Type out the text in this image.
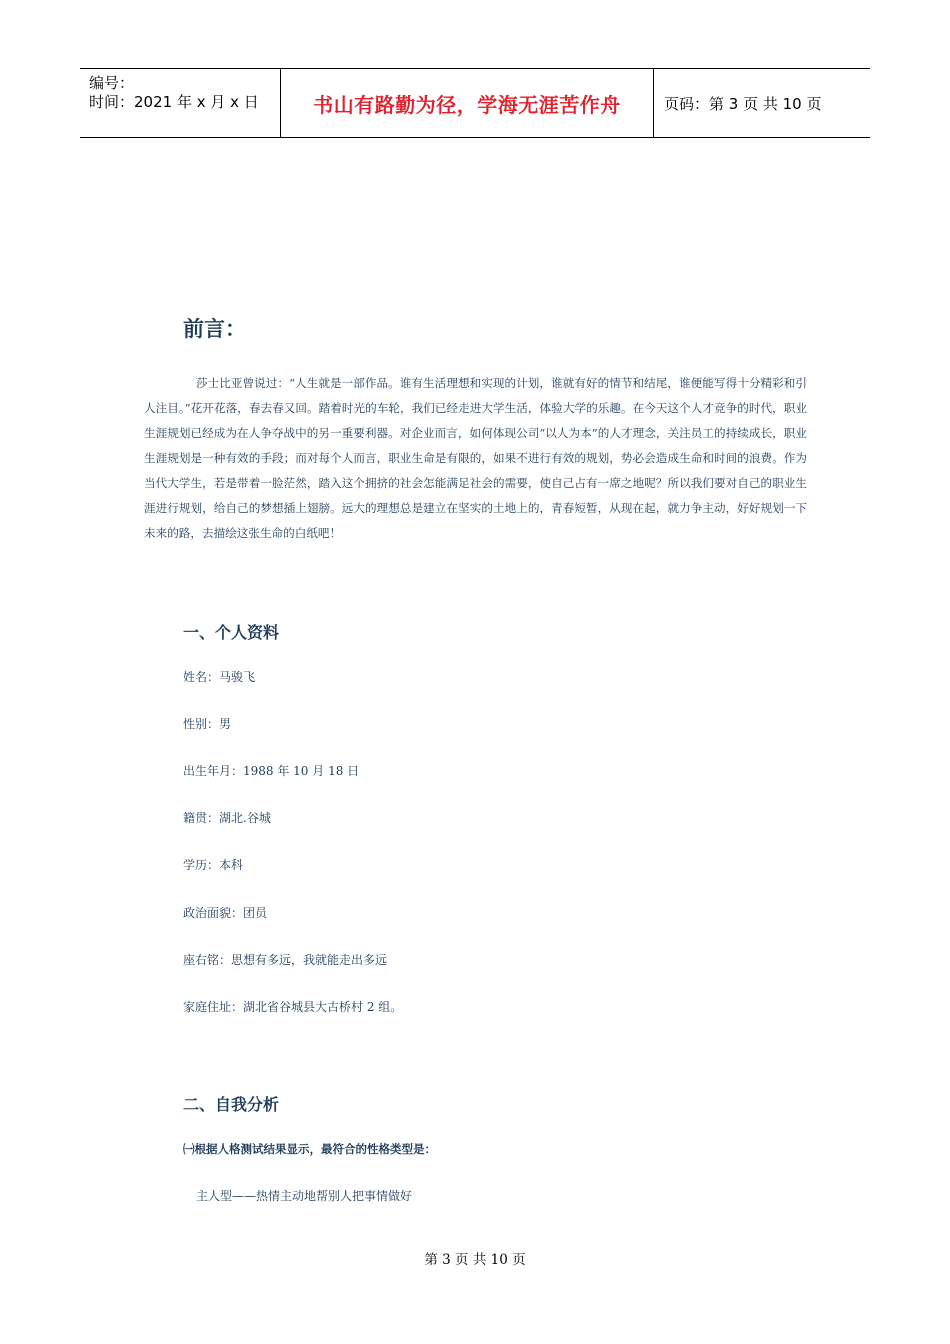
编号：
时间：2021 年 x 月 x 日	书山有路勤为径，学海无涯苦作舟	页码：第 3 页 共 10 页
前言：

莎士比亚曾说过：“人生就是一部作品。谁有生活理想和实现的计划，谁就有好的情节和结尾，谁便能写得十分精彩和引人注目。”花开花落，春去春又回。踏着时光的车轮，我们已经走进大学生活，体验大学的乐趣。在今天这个人才竞争的时代，职业生涯规划已经成为在人争夺战中的另一重要利器。对企业而言，如何体现公司“以人为本”的人才理念，关注员工的持续成长，职业生涯规划是一种有效的手段；而对每个人而言，职业生命是有限的，如果不进行有效的规划，势必会造成生命和时间的浪费。作为当代大学生，若是带着一脸茫然，踏入这个拥挤的社会怎能满足社会的需要，使自己占有一席之地呢？所以我们要对自己的职业生涯进行规划，给自己的梦想插上翅膀。远大的理想总是建立在坚实的土地上的，青春短暂，从现在起，就力争主动，好好规划一下未来的路，去描绘这张生命的白纸吧！

一、个人资料
姓名：马骏飞
性别：男
出生年月：1988 年 10 月 18 日
籍贯：湖北.谷城
学历：本科
政治面貌：团员
座右铭：思想有多远，我就能走出多远
家庭住址：湖北省谷城县大古桥村 2 组。
二、自我分析
㈠根据人格测试结果显示，最符合的性格类型是：
主人型——热情主动地帮别人把事情做好
第 3 页 共 10 页
